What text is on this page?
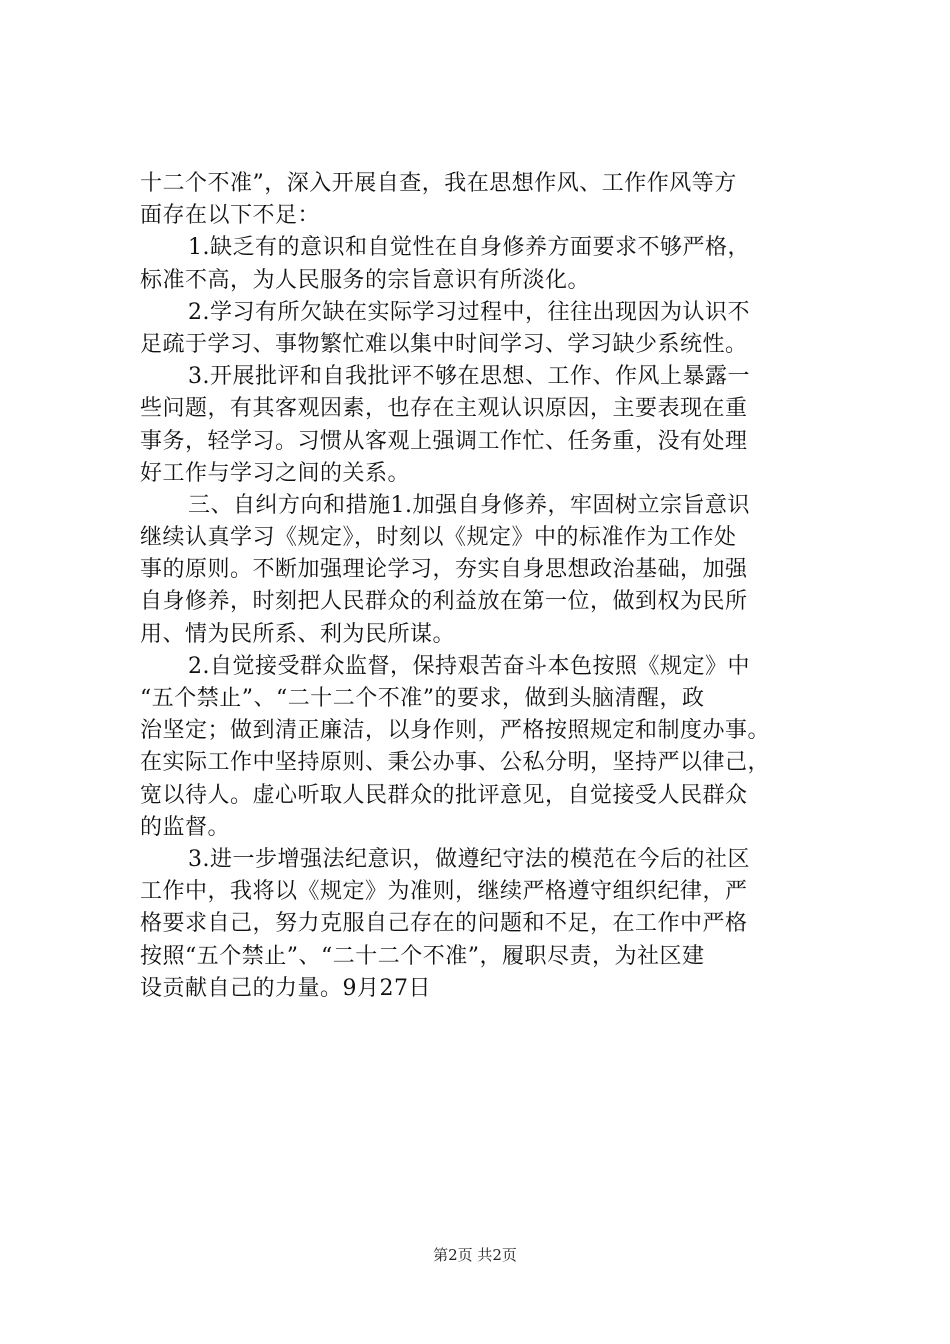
十二个不准”，深入开展自查，我在思想作风、工作作风等方
面存在以下不足：
1.缺乏有的意识和自觉性在自身修养方面要求不够严格，
标准不高，为人民服务的宗旨意识有所淡化。
2.学习有所欠缺在实际学习过程中，往往出现因为认识不
足疏于学习、事物繁忙难以集中时间学习、学习缺少系统性。
3.开展批评和自我批评不够在思想、工作、作风上暴露一
些问题，有其客观因素，也存在主观认识原因，主要表现在重
事务，轻学习。习惯从客观上强调工作忙、任务重，没有处理
好工作与学习之间的关系。
三、自纠方向和措施1.加强自身修养，牢固树立宗旨意识
继续认真学习《规定》，时刻以《规定》中的标准作为工作处
事的原则。不断加强理论学习，夯实自身思想政治基础，加强
自身修养，时刻把人民群众的利益放在第一位，做到权为民所
用、情为民所系、利为民所谋。
2.自觉接受群众监督，保持艰苦奋斗本色按照《规定》中
“五个禁止”、“二十二个不准”的要求，做到头脑清醒，政
治坚定；做到清正廉洁，以身作则，严格按照规定和制度办事。
在实际工作中坚持原则、秉公办事、公私分明，坚持严以律己，
宽以待人。虚心听取人民群众的批评意见，自觉接受人民群众
的监督。
3.进一步增强法纪意识，做遵纪守法的模范在今后的社区
工作中，我将以《规定》为准则，继续严格遵守组织纪律，严
格要求自己，努力克服自己存在的问题和不足，在工作中严格
按照“五个禁止”、“二十二个不准”，履职尽责，为社区建
设贡献自己的力量。9月27日
第2页 共2页
